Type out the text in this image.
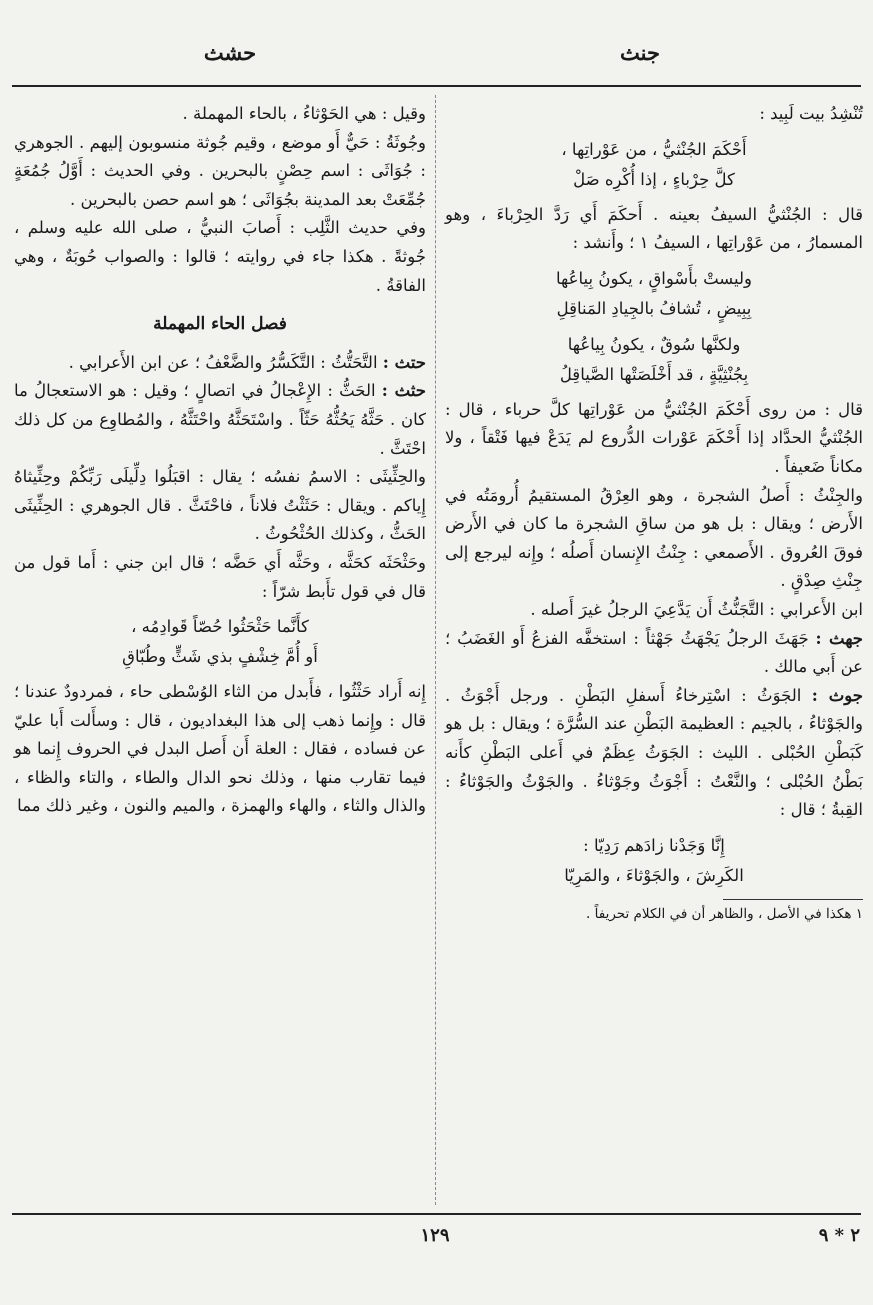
جنث
حشث

تُنْشِدُ بيت لَبِيد :

أَحْكَمَ الجُنْثيُّ ، من عَوْراتِها ،
كلَّ حِرْباءٍ ، إذا أُكْرِه صَلْ

قال : الجُنْثيُّ السيفُ بعينه . أَحكَمَ أَي رَدَّ الحِرْباءَ ، وهو المسمارُ ، من عَوْراتِها ، السيفُ ١ ؛ وأَنشد :

وليستْ بأَسْواقٍ ، يكونُ بِياعُها
بِبِيضٍ ، تُشافُ بالجِيادِ المَناقِلِ
ولكنَّها سُوقٌ ، يكونُ بِياعُها
بِجُنْثِيَّةٍ ، قد أَخْلَصَتْها الصَّياقِلُ

قال : من روى أَحْكَمَ الجُنْثيُّ من عَوْراتِها كلَّ حرباء ، قال : الجُنْثيُّ الحدَّاد إذا أَحْكَمَ عَوْرات الدُّروع لم يَدَعْ فيها فَتْقاً ، ولا مكاناً ضَعيفاً .

والجِنْثُ : أَصلُ الشجرة ، وهو العِرْقُ المستقيمُ أُرومَتُه في الأَرض ؛ ويقال : بل هو من ساقِ الشجرة ما كان في الأَرض فوقَ العُروق . الأَصمعي : جِنْثُ الإِنسان أَصلُه ؛ وإِنه ليرجع إلى جِنْثِ صِدْقٍ .

ابن الأَعرابي : التَّجَنُّثُ أَن يَدَّعِيَ الرجلُ غيرَ أَصله .

جهث : جَهَثَ الرجلُ يَجْهَثُ جَهْثاً : استخفَّه الفزعُ أَو الغَضَبُ ؛ عن أَبي مالك .

جوث : الجَوَثُ : اسْتِرخاءُ أَسفلِ البَطْنِ . ورجل أَجْوَثُ . والجَوْثاءُ ، بالجيم : العظيمة البَطْنِ عند السُّرَّة ؛ ويقال : بل هو كَبَطْنِ الحُبْلى . الليث : الجَوَثُ عِظَمٌ في أَعلى البَطْنِ كأَنه بَطْنُ الحُبْلى ؛ والنَّعْتُ : أَجْوَثُ وجَوْثاءُ . والجَوْثُ والجَوْثاءُ : القِبةُ ؛ قال :

إِنَّا وَجَدْنا زادَهم رَدِيّا :
الكَرِشَ ، والجَوْثاءَ ، والمَرِيّا

١ هكذا في الأصل ، والظاهر أن في الكلام تحريفاً .

وقيل : هي الحَوْثاءُ ، بالحاء المهملة .

وجُوثَةُ : حَيٌّ أَو موضع ، وقيم جُوثة منسوبون إليهم . الجوهري : جُوَاثَى : اسم حِصْنٍ بالبحرين . وفي الحديث : أَوَّلُ جُمُعَةٍ جُمِّعَتْ بعد المدينة بجُوَاثَى ؛ هو اسم حصن بالبحرين .

وفي حديث الثَّلِب : أَصابَ النبيُّ ، صلى الله عليه وسلم ، جُوثةً . هكذا جاء في روايته ؛ قالوا : والصواب حُوبَةٌ ، وهي الفاقةُ .

فصل الحاء المهملة

حتث : التَّحَتُّثُ : التَّكَسُّرُ والضَّعْفُ ؛ عن ابن الأَعرابي .

حثث : الحَثُّ : الإِعْجالُ في اتصالٍ ؛ وقيل : هو الاستعجالُ ما كان . حَثَّهُ يَحُثُّهُ حَثّاً . واسْتَحَثَّهُ واحْتَثَّهُ ، والمُطاوِع من كل ذلك احْتَثَّ .

والحِثِّيثَى : الاسمُ نفسُه ؛ يقال : اقبَلُوا دِلِّيلَى رَبِّكُمْ وحِثِّيثاهُ إِياكم . ويقال : حَثَثْتُ فلاناً ، فاحْتَثَّ . قال الجوهري : الحِثِّيثَى الحَثُّ ، وكذلك الحُثْحُوثُ .

وحَثْحَثَه كحَثَّه ، وحَثَّه أَي حَضَّه ؛ قال ابن جني : أَما قول من قال في قول تأَبط شرّاً :

كأَنَّما حَثْحَثُوا حُصّاً قَوادِمُه ،
أَو أُمَّ خِشْفٍ بذي شَثٍّ وطُبّاقِ

إِنه أَراد حَثْثُوا ، فأَبدل من الثاء الوُسْطى حاء ، فمردودٌ عندنا ؛ قال : وإِنما ذهب إلى هذا البغداديون ، قال : وسأَلت أَبا عليّ عن فساده ، فقال : العلة أَن أَصل البدل في الحروف إِنما هو فيما تقارب منها ، وذلك نحو الدال والطاء ، والتاء والظاء ، والذال والثاء ، والهاء والهمزة ، والميم والنون ، وغير ذلك مما

١٢٩	٢ * ٩
